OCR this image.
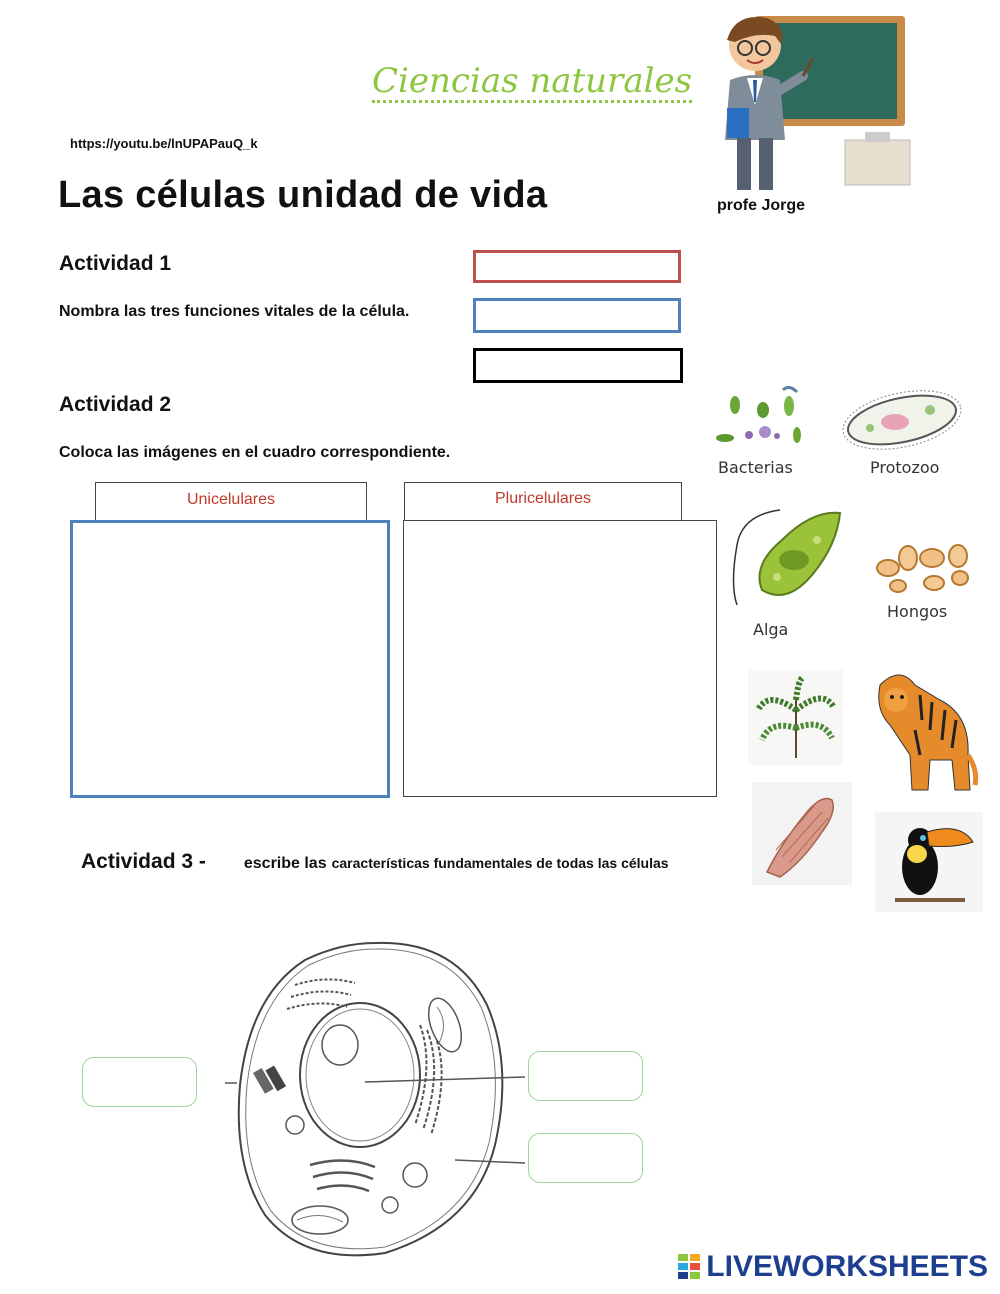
Ciencias naturales
https://youtu.be/lnUPAPauQ_k
Las células unidad de vida	profe Jorge
Actividad 1
Nombra las tres funciones vitales de la célula.
Actividad 2
Coloca las imágenes en el cuadro correspondiente.
Unicelulares	Pluricelulares
Bacterias	Protozoo
Alga
Hongos
Actividad 3 - escribe las características fundamentales de todas las células
LIVEWORKSHEETS
